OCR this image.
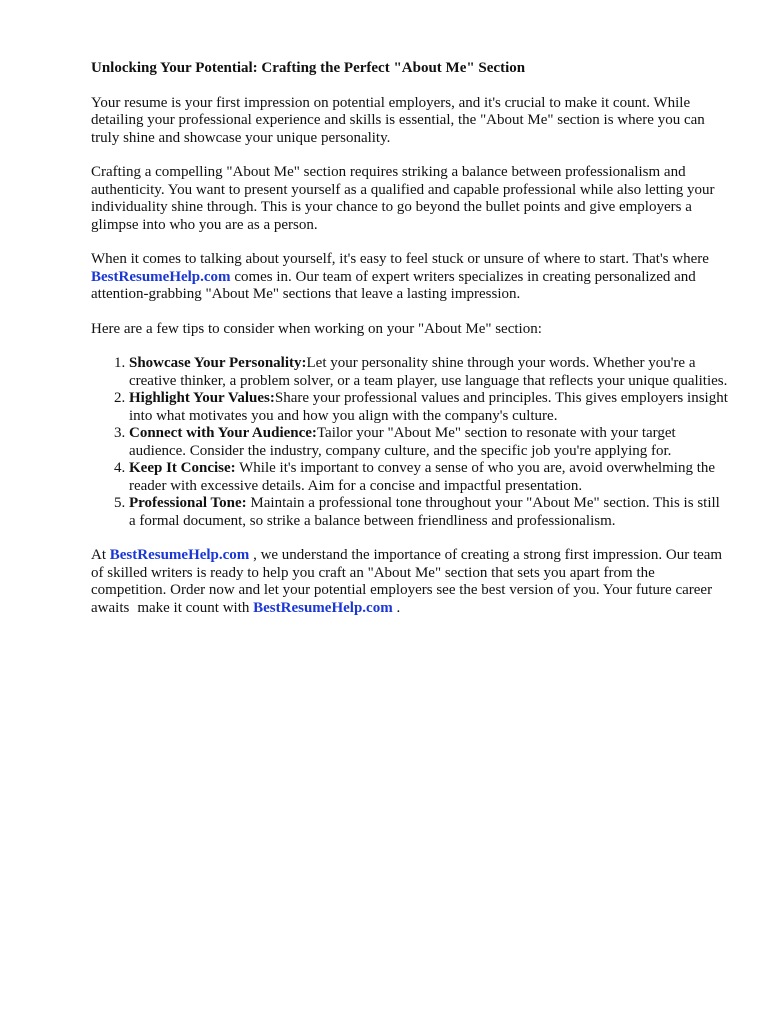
Unlocking Your Potential: Crafting the Perfect "About Me" Section

Your resume is your first impression on potential employers, and it's crucial to make it count. While detailing your professional experience and skills is essential, the "About Me" section is where you can truly shine and showcase your unique personality.

Crafting a compelling "About Me" section requires striking a balance between professionalism and authenticity. You want to present yourself as a qualified and capable professional while also letting your individuality shine through. This is your chance to go beyond the bullet points and give employers a glimpse into who you are as a person.

When it comes to talking about yourself, it's easy to feel stuck or unsure of where to start. That's where BestResumeHelp.com comes in. Our team of expert writers specializes in creating personalized and attention-grabbing "About Me" sections that leave a lasting impression.

Here are a few tips to consider when working on your "About Me" section:

1. Showcase Your Personality:Let your personality shine through your words. Whether you're a creative thinker, a problem solver, or a team player, use language that reflects your unique qualities.
2. Highlight Your Values:Share your professional values and principles. This gives employers insight into what motivates you and how you align with the company's culture.
3. Connect with Your Audience:Tailor your "About Me" section to resonate with your target audience. Consider the industry, company culture, and the specific job you're applying for.
4. Keep It Concise: While it's important to convey a sense of who you are, avoid overwhelming the reader with excessive details. Aim for a concise and impactful presentation.
5. Professional Tone: Maintain a professional tone throughout your "About Me" section. This is still a formal document, so strike a balance between friendliness and professionalism.

At BestResumeHelp.com , we understand the importance of creating a strong first impression. Our team of skilled writers is ready to help you craft an "About Me" section that sets you apart from the competition. Order now and let your potential employers see the best version of you. Your future career awaits make it count with BestResumeHelp.com .
